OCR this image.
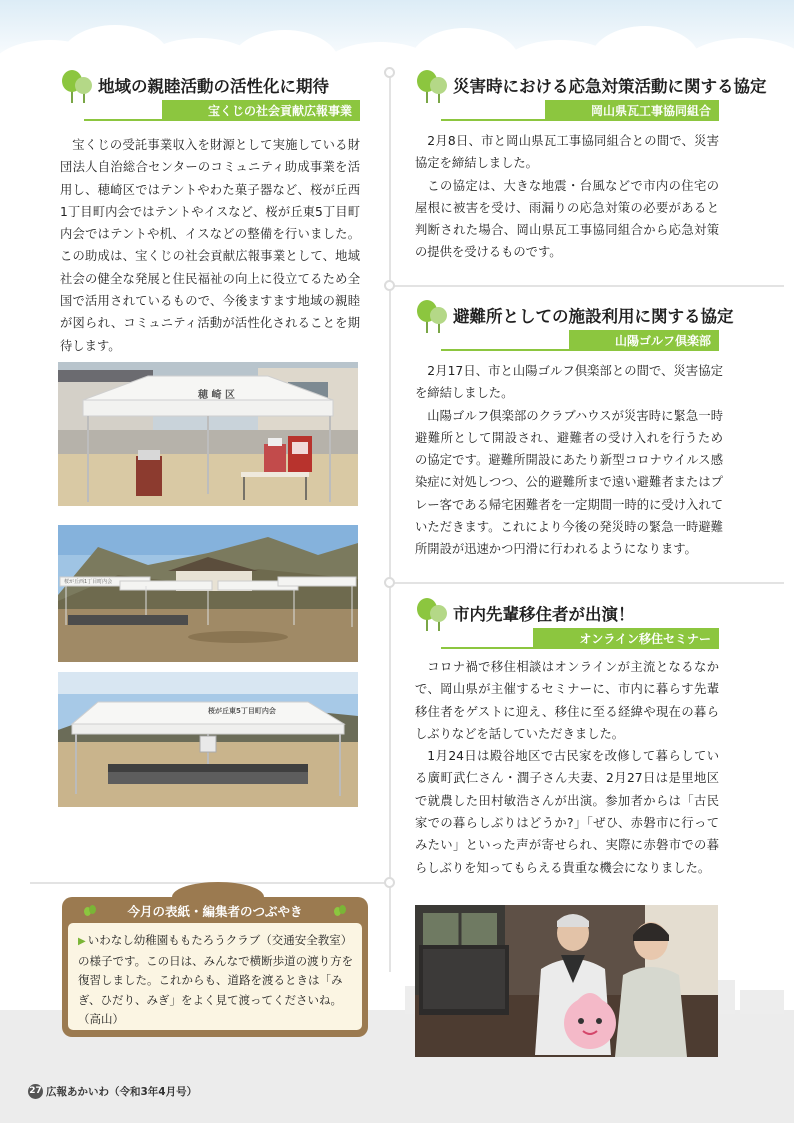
地域の親睦活動の活性化に期待
宝くじの社会貢献広報事業

宝くじの受託事業収入を財源として実施している財団法人自治総合センターのコミュニティ助成事業を活用し、穂崎区ではテントやわた菓子器など、桜が丘西1丁目町内会ではテントやイスなど、桜が丘東5丁目町内会ではテントや机、イスなどの整備を行いました。この助成は、宝くじの社会貢献広報事業として、地域社会の健全な発展と住民福祉の向上に役立てるため全国で活用されているもので、今後ますます地域の親睦が図られ、コミュニティ活動が活性化されることを期待します。

穂 崎 区
桜が丘西1丁目町内会
桜が丘東5丁目町内会
災害時における応急対策活動に関する協定
岡山県瓦工事協同組合

2月8日、市と岡山県瓦工事協同組合との間で、災害協定を締結しました。

この協定は、大きな地震・台風などで市内の住宅の屋根に被害を受け、雨漏りの応急対策の必要があると判断された場合、岡山県瓦工事協同組合から応急対策の提供を受けるものです。

避難所としての施設利用に関する協定
山陽ゴルフ倶楽部

2月17日、市と山陽ゴルフ倶楽部との間で、災害協定を締結しました。

山陽ゴルフ倶楽部のクラブハウスが災害時に緊急一時避難所として開設され、避難者の受け入れを行うための協定です。避難所開設にあたり新型コロナウイルス感染症に対処しつつ、公的避難所まで遠い避難者またはプレー客である帰宅困難者を一定期間一時的に受け入れていただきます。これにより今後の発災時の緊急一時避難所開設が迅速かつ円滑に行われるようになります。

市内先輩移住者が出演！
オンライン移住セミナー

コロナ禍で移住相談はオンラインが主流となるなかで、岡山県が主催するセミナーに、市内に暮らす先輩移住者をゲストに迎え、移住に至る経緯や現在の暮らしぶりなどを話していただきました。

1月24日は殿谷地区で古民家を改修して暮らしている廣町武仁さん・潤子さん夫妻、2月27日は是里地区で就農した田村敏浩さんが出演。参加者からは「古民家での暮らしぶりはどうか?」「ぜひ、赤磐市に行ってみたい」といった声が寄せられ、実際に赤磐市での暮らしぶりを知ってもらえる貴重な機会になりました。

今月の表紙・編集者のつぶやき
▶ いわなし幼稚園ももたろうクラブ（交通安全教室）の様子です。この日は、みんなで横断歩道の渡り方を復習しました。これからも、道路を渡るときは「みぎ、ひだり、みぎ」をよく見て渡ってくださいね。（高山）
27 広報あかいわ（令和3年4月号）
